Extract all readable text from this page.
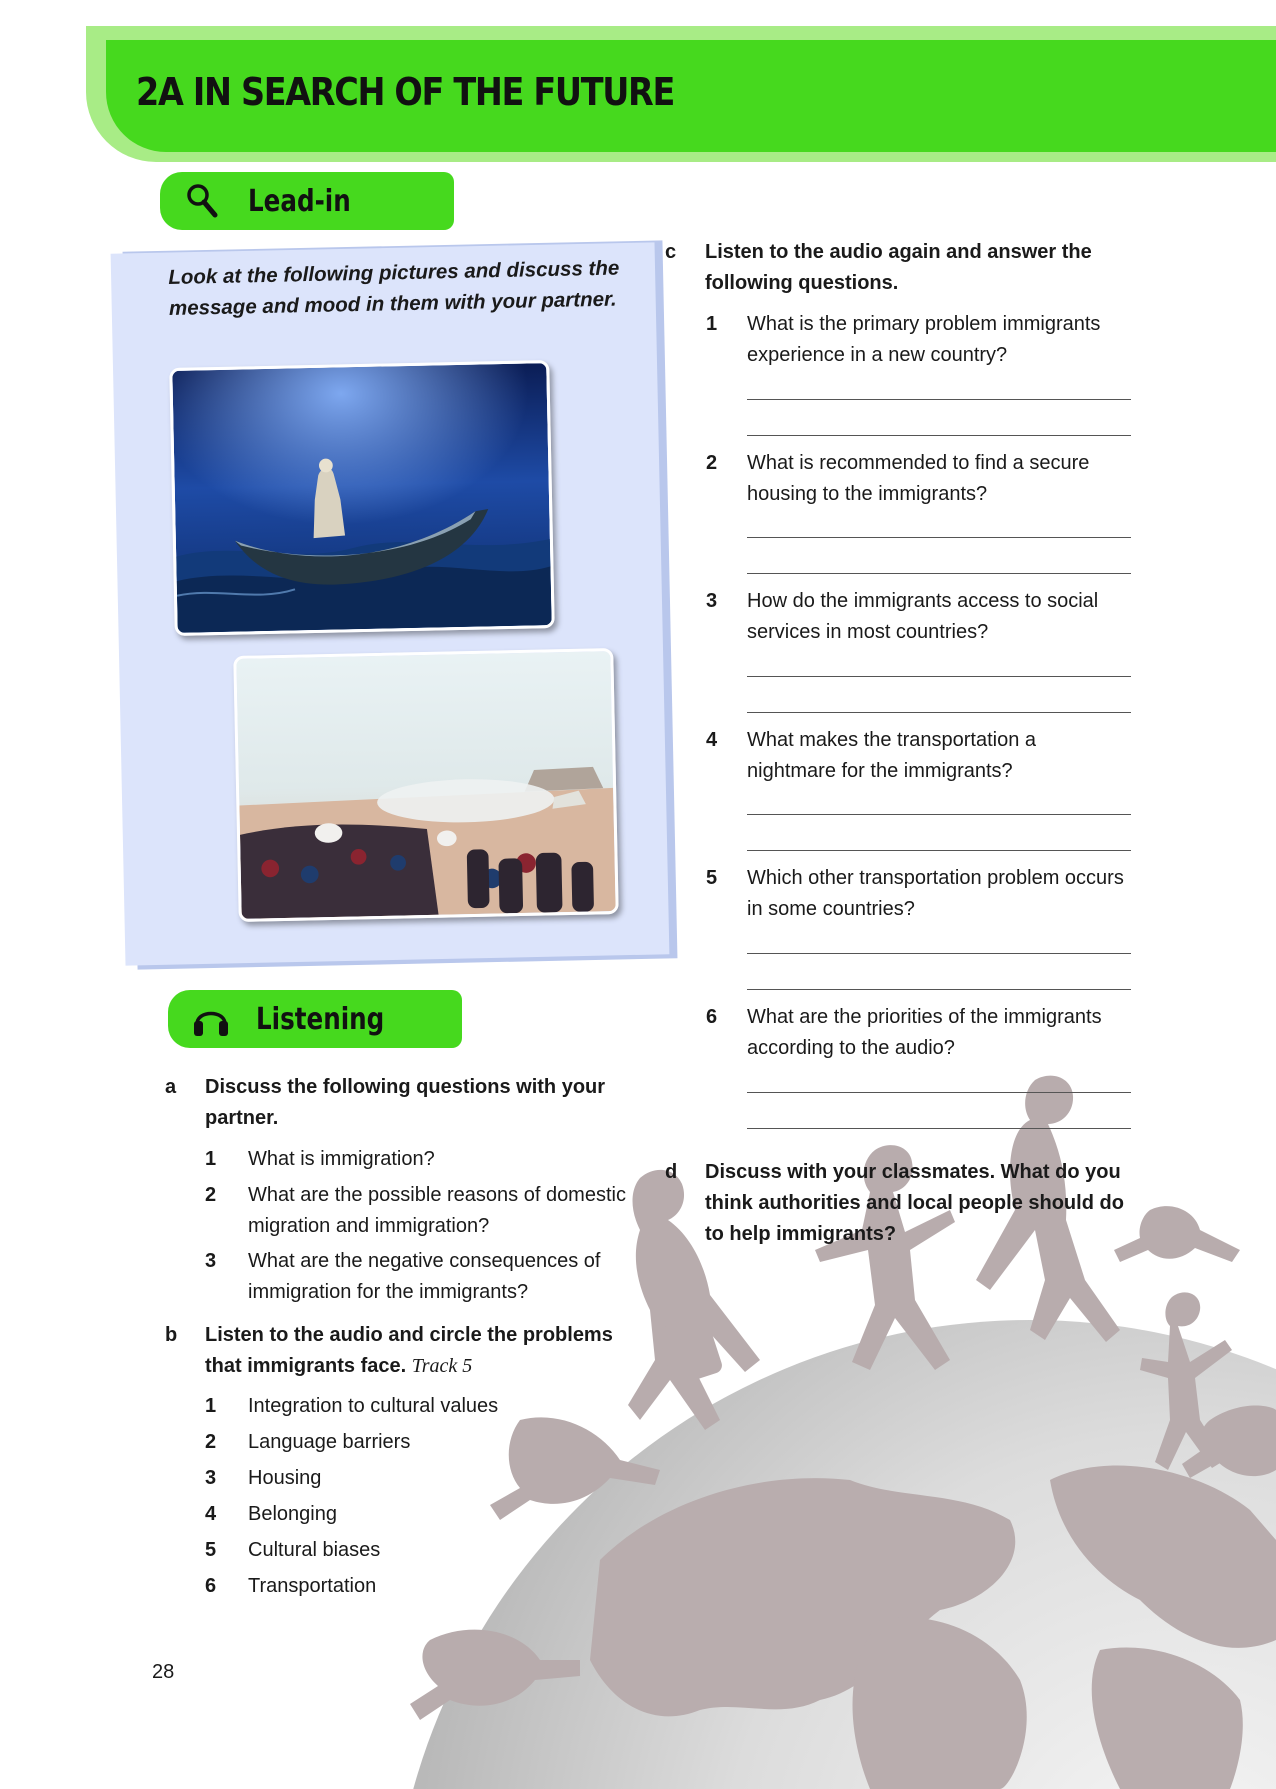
2A IN SEARCH OF THE FUTURE
Lead-in
Look at the following pictures and discuss the message and mood in them with your partner.
Listening
a Discuss the following questions with your partner.
1 What is immigration?
2 What are the possible reasons of domestic migration and immigration?
3 What are the negative consequences of immigration for the immigrants?
b Listen to the audio and circle the problems that immigrants face. Track 5
1 Integration to cultural values
2 Language barriers
3 Housing
4 Belonging
5 Cultural biases
6 Transportation
c Listen to the audio again and answer the following questions.
1 What is the primary problem immigrants experience in a new country?
2 What is recommended to find a secure housing to the immigrants?
3 How do the immigrants access to social services in most countries?
4 What makes the transportation a nightmare for the immigrants?
5 Which other transportation problem occurs in some countries?
6 What are the priorities of the immigrants according to the audio?
d Discuss with your classmates. What do you think authorities and local people should do to help immigrants?
28
